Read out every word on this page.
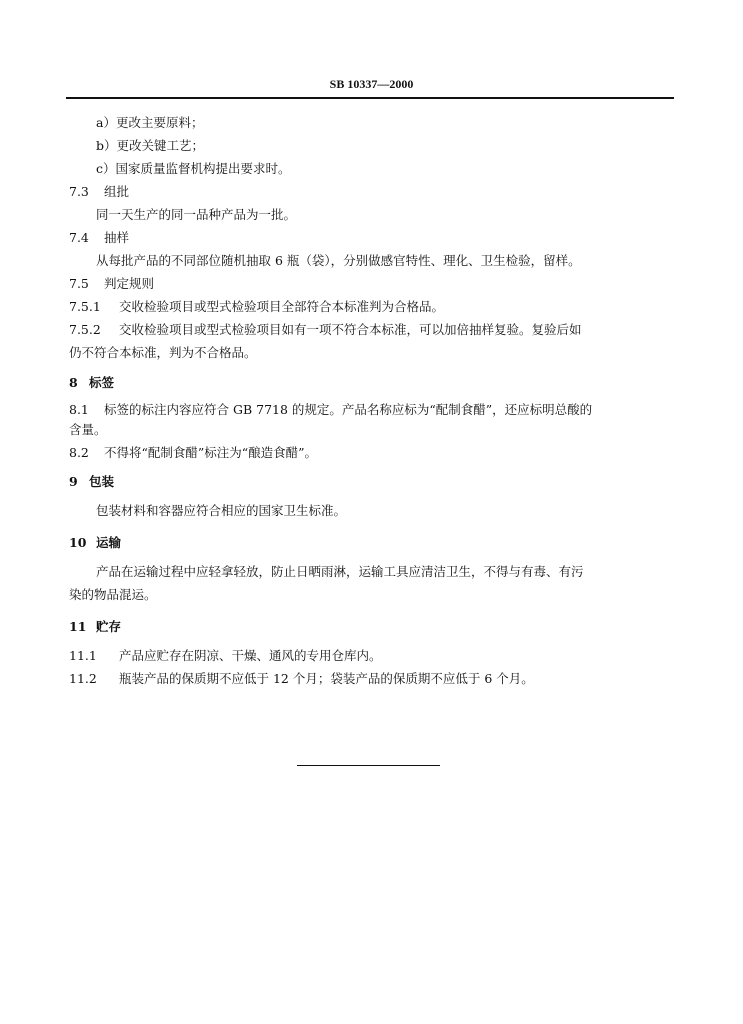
SB 10337—2000
a）更改主要原料；
b）更改关键工艺；
c）国家质量监督机构提出要求时。
7.3 组批
同一天生产的同一品种产品为一批。
7.4 抽样
从每批产品的不同部位随机抽取 6 瓶（袋），分别做感官特性、理化、卫生检验，留样。
7.5 判定规则
7.5.1 交收检验项目或型式检验项目全部符合本标准判为合格品。
7.5.2 交收检验项目或型式检验项目如有一项不符合本标准，可以加倍抽样复验。复验后如
仍不符合本标准，判为不合格品。
8 标签
8.1 标签的标注内容应符合 GB 7718 的规定。产品名称应标为“配制食醋”，还应标明总酸的
含量。
8.2 不得将“配制食醋”标注为“酿造食醋”。
9 包装
包装材料和容器应符合相应的国家卫生标准。
10 运输
产品在运输过程中应轻拿轻放，防止日晒雨淋，运输工具应清洁卫生，不得与有毒、有污
染的物品混运。
11 贮存
11.1 产品应贮存在阴凉、干燥、通风的专用仓库内。
11.2 瓶装产品的保质期不应低于 12 个月；袋装产品的保质期不应低于 6 个月。
